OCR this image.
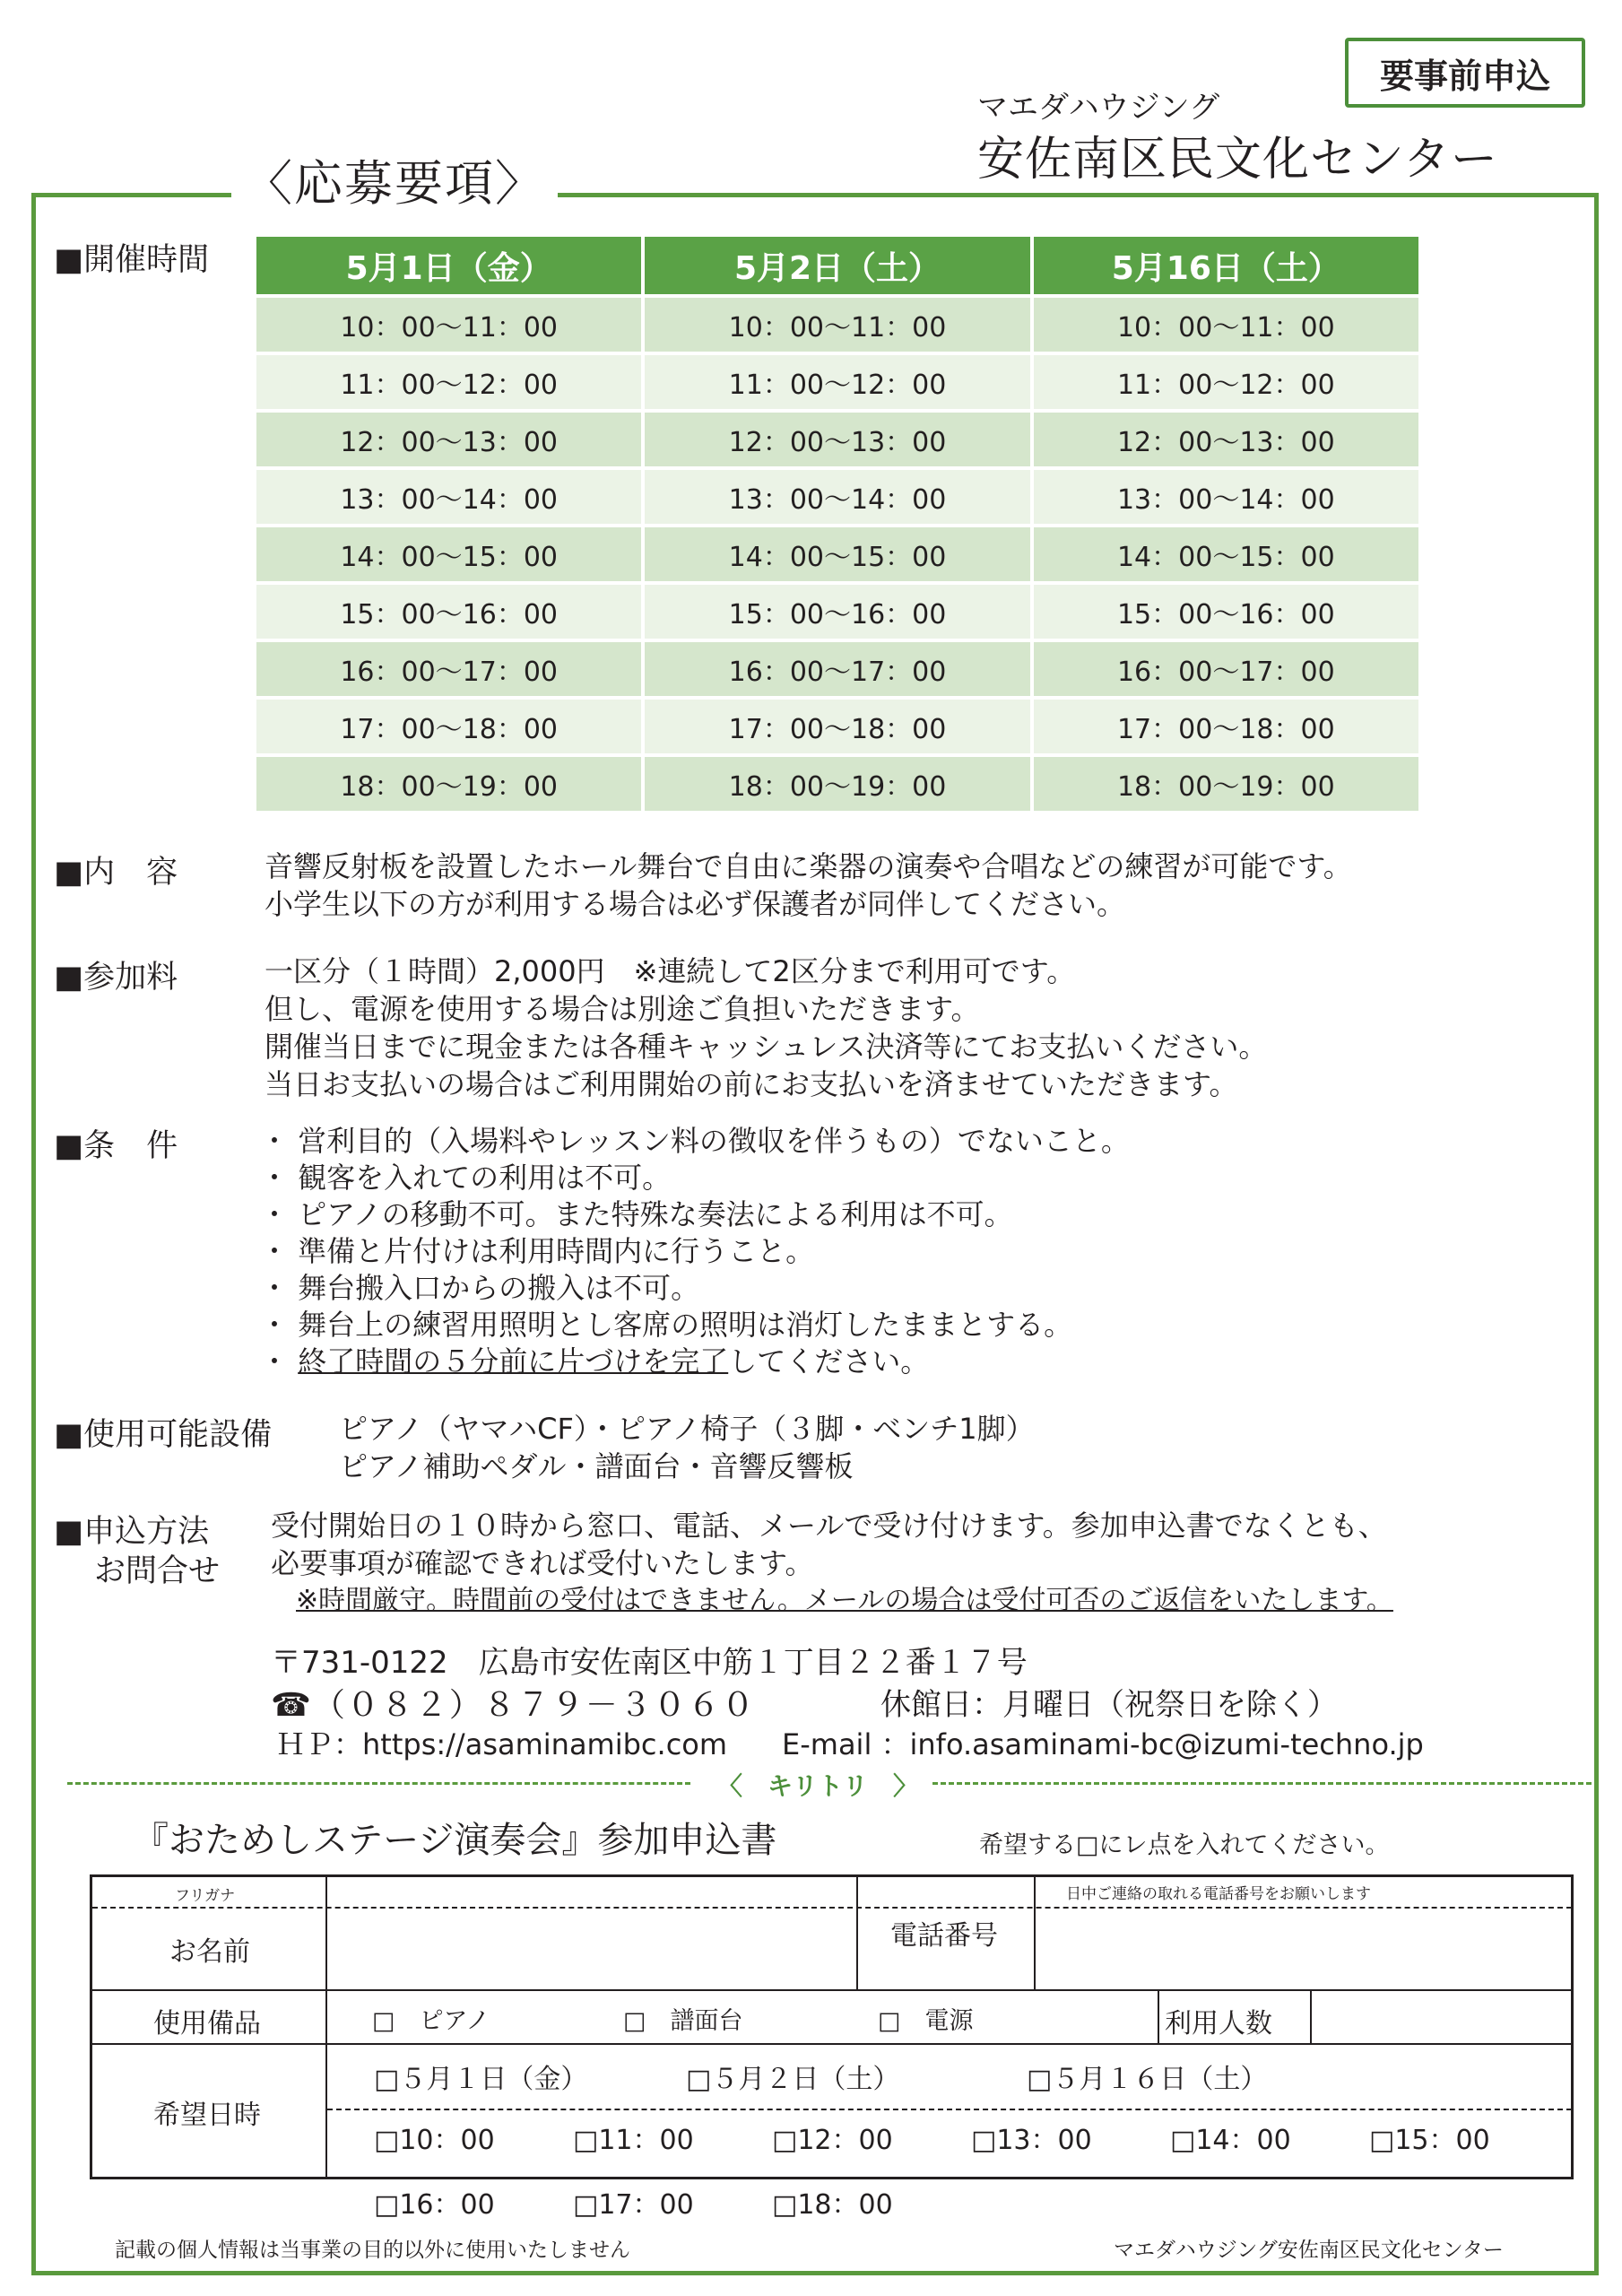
要事前申込
マエダハウジング
安佐南区民文化センター
〈応募要項〉
■開催時間	5月1日（金）	5月2日（土）	5月16日（土）
10：00～11：00	10：00～11：00	10：00～11：00
11：00～12：00	11：00～12：00	11：00～12：00
12：00～13：00	12：00～13：00	12：00～13：00
13：00～14：00	13：00～14：00	13：00～14：00
14：00～15：00	14：00～15：00	14：00～15：00
15：00～16：00	15：00～16：00	15：00～16：00
16：00～17：00	16：00～17：00	16：00～17：00
17：00～18：00	17：00～18：00	17：00～18：00
18：00～19：00	18：00～19：00	18：00～19：00
■内　容	音響反射板を設置したホール舞台で自由に楽器の演奏や合唱などの練習が可能です。

小学生以下の方が利用する場合は必ず保護者が同伴してください。

■参加料	一区分（１時間）2,000円　※連続して2区分まで利用可です。

但し、電源を使用する場合は別途ご負担いただきます。

開催当日までに現金または各種キャッシュレス決済等にてお支払いください。

当日お支払いの場合はご利用開始の前にお支払いを済ませていただきます。

■条　件	・ 営利目的（入場料やレッスン料の徴収を伴うもの）でないこと。

・ 観客を入れての利用は不可。

・ ピアノの移動不可。また特殊な奏法による利用は不可。

・ 準備と片付けは利用時間内に行うこと。

・ 舞台搬入口からの搬入は不可。

・ 舞台上の練習用照明とし客席の照明は消灯したままとする。

・ 終了時間の５分前に片づけを完了してください。

■使用可能設備 ピアノ（ヤマハCF）・ピアノ椅子（３脚・ベンチ1脚）

ピアノ補助ペダル・譜面台・音響反響板

■申込方法
お問合せ

受付開始日の１０時から窓口、電話、メールで受け付けます。参加申込書でなくとも、

必要事項が確認できれば受付いたします。

※時間厳守。時間前の受付はできません。メールの場合は受付可否のご返信をいたします。

〒731-0122　広島市安佐南区中筋１丁目２２番１７号
☎（０８２）８７９－３０６０	休館日：月曜日（祝祭日を除く）
ＨＰ：https://asaminamibc.com E-mail ：info.asaminami-bc@izumi-techno.jp
〈　キリトリ　〉
『おためしステージ演奏会』参加申込書	希望する□にレ点を入れてください。
フリガナ
お名前
電話番号
日中ご連絡の取れる電話番号をお願いします
使用備品	□　ピアノ	□　譜面台	□　電源	利用人数
希望日時
□５月１日（金）	□５月２日（土）	□５月１６日（土）
□10：00	□11：00	□12：00	□13：00	□14：00	□15：00
□16：00	□17：00	□18：00
記載の個人情報は当事業の目的以外に使用いたしません	マエダハウジング安佐南区民文化センター
